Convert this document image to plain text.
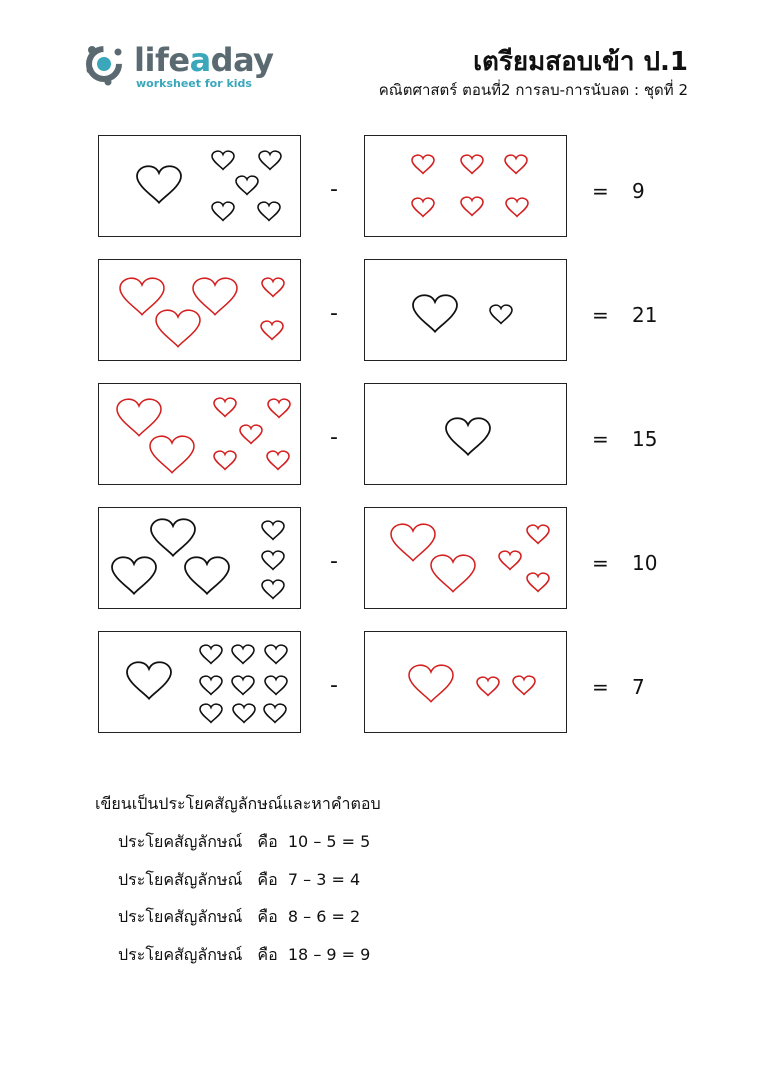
lifeaday
worksheet for kids
เตรียมสอบเข้า ป.1
คณิตศาสตร์ ตอนที่2 การลบ-การนับลด : ชุดที่ 2
-	= 9
-	= 21
-	= 15
-	= 10
-	= 7
เขียนเป็นประโยคสัญลักษณ์และหาคำตอบ
ประโยคสัญลักษณ์ คือ 10 – 5 = 5
ประโยคสัญลักษณ์ คือ 7 – 3 = 4
ประโยคสัญลักษณ์ คือ 8 – 6 = 2
ประโยคสัญลักษณ์ คือ 18 – 9 = 9
